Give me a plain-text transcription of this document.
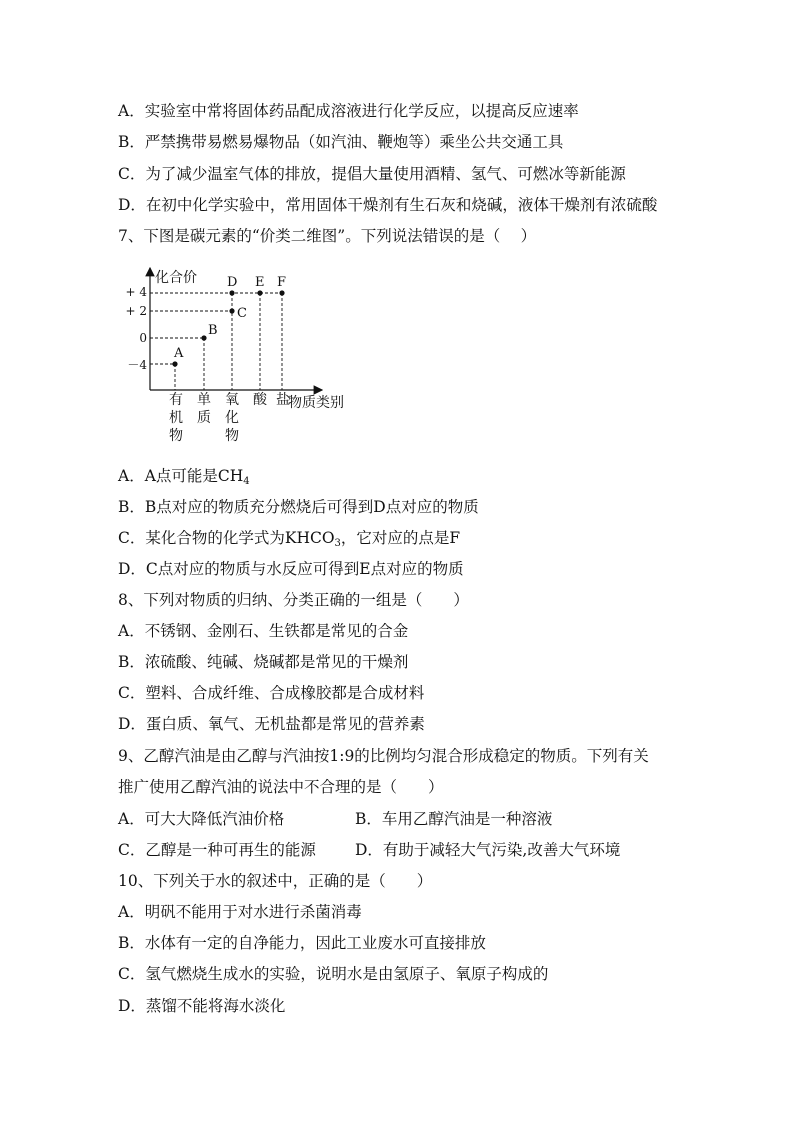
A．实验室中常将固体药品配成溶液进行化学反应，以提高反应速率
B．严禁携带易燃易爆物品（如汽油、鞭炮等）乘坐公共交通工具
C．为了减少温室气体的排放，提倡大量使用酒精、氢气、可燃冰等新能源
D．在初中化学实验中，常用固体干燥剂有生石灰和烧碱，液体干燥剂有浓硫酸
7、下图是碳元素的“价类二维图”。下列说法错误的是（　 ）
化合价
物质类别
+ 4
+ 2
0
－4
A
B
C
D E F
有
机
物
单
质
氧
化
物
酸 盐
A．A点可能是$CH_4$
B．B点对应的物质充分燃烧后可得到D点对应的物质
C．某化合物的化学式为$KHCO_3$，它对应的点是F
D．C点对应的物质与水反应可得到E点对应的物质
8、下列对物质的归纳、分类正确的一组是（　　）
A．不锈钢、金刚石、生铁都是常见的合金
B．浓硫酸、纯碱、烧碱都是常见的干燥剂
C．塑料、合成纤维、合成橡胶都是合成材料
D．蛋白质、氧气、无机盐都是常见的营养素
9、乙醇汽油是由乙醇与汽油按1:9的比例均匀混合形成稳定的物质。下列有关
推广使用乙醇汽油的说法中不合理的是（　　）
A．可大大降低汽油价格	B．车用乙醇汽油是一种溶液
C．乙醇是一种可再生的能源	D．有助于减轻大气污染,改善大气环境
10、下列关于水的叙述中，正确的是（　　）
A．明矾不能用于对水进行杀菌消毒
B．水体有一定的自净能力，因此工业废水可直接排放
C．氢气燃烧生成水的实验，说明水是由氢原子、氧原子构成的
D．蒸馏不能将海水淡化
